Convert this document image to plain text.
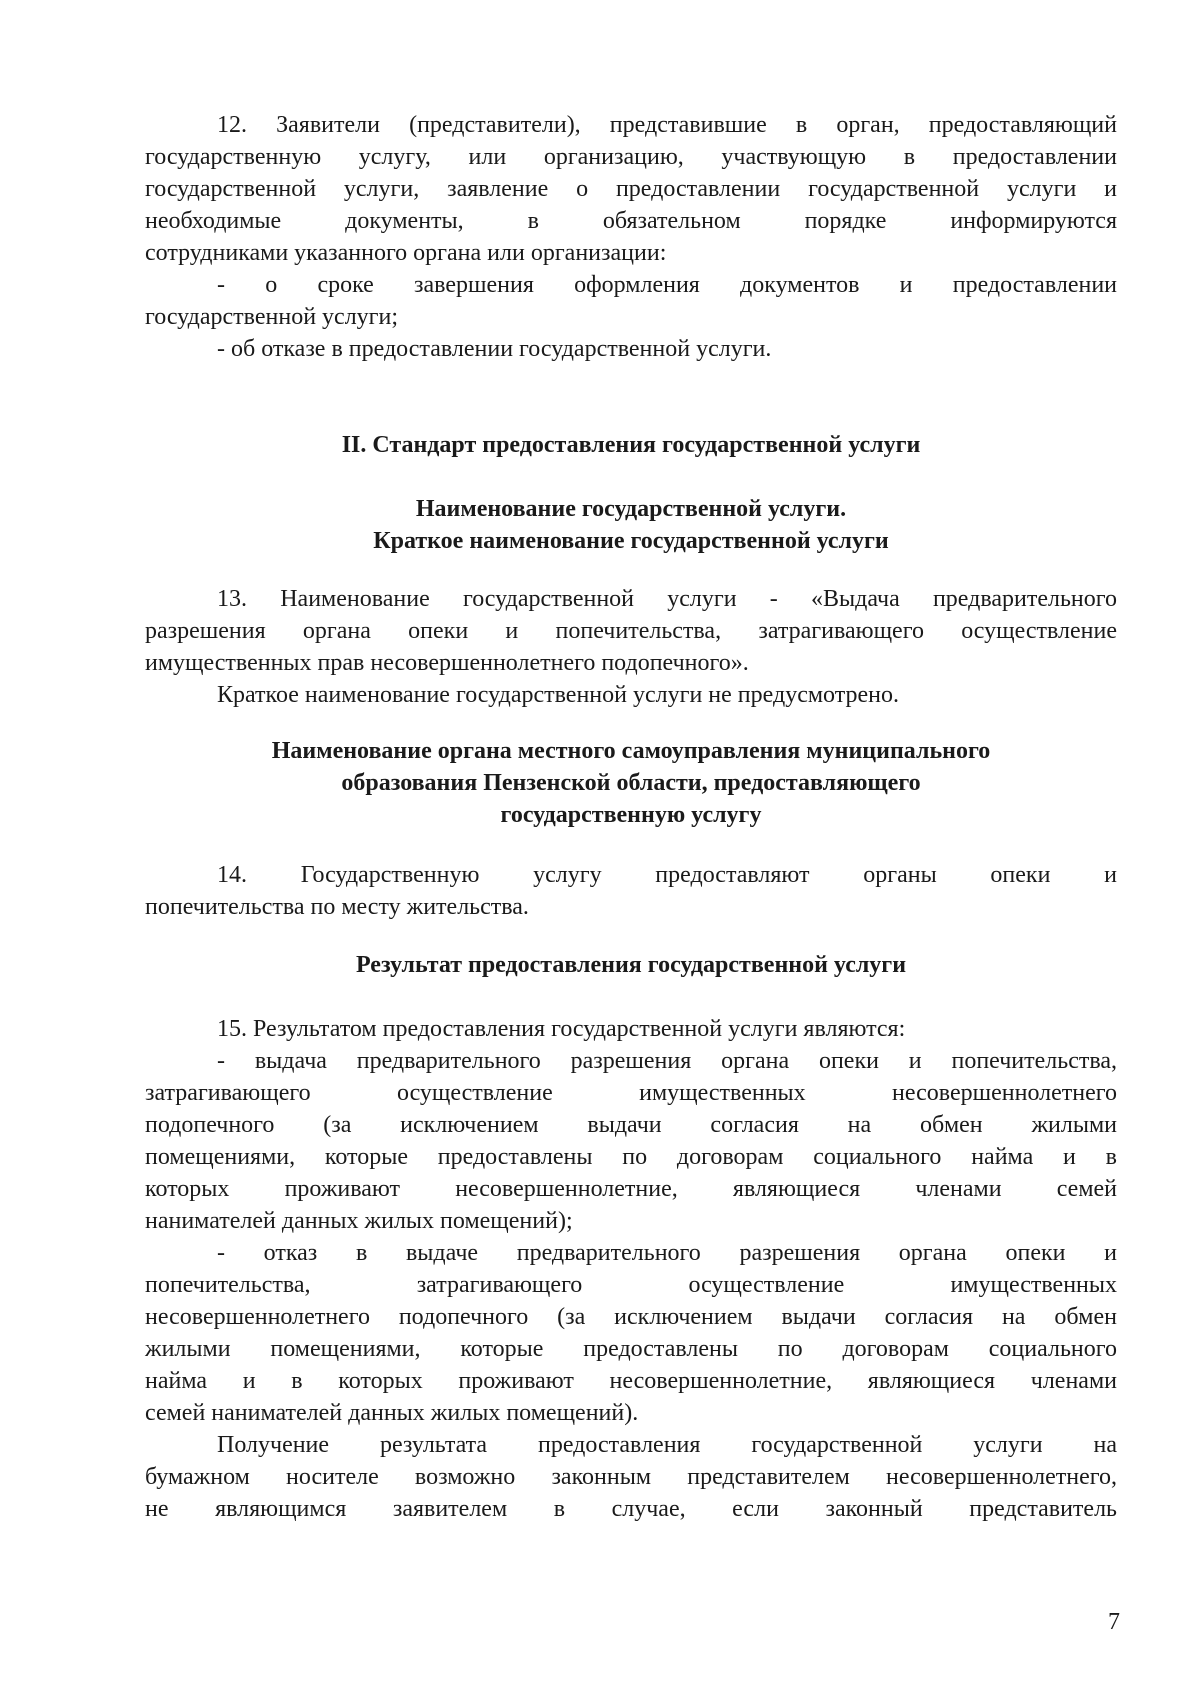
12. Заявители (представители), представившие в орган, предоставляющий
государственную услугу, или организацию, участвующую в предоставлении
государственной услуги, заявление о предоставлении государственной услуги и
необходимые документы, в обязательном порядке информируются
сотрудниками указанного органа или организации:
- о сроке завершения оформления документов и предоставлении
государственной услуги;
- об отказе в предоставлении государственной услуги.
II. Стандарт предоставления государственной услуги
Наименование государственной услуги.
Краткое наименование государственной услуги
13. Наименование государственной услуги - «Выдача предварительного
разрешения органа опеки и попечительства, затрагивающего осуществление
имущественных прав несовершеннолетнего подопечного».
Краткое наименование государственной услуги не предусмотрено.
Наименование органа местного самоуправления муниципального
образования Пензенской области, предоставляющего
государственную услугу
14. Государственную услугу предоставляют органы опеки и
попечительства по месту жительства.
Результат предоставления государственной услуги
15. Результатом предоставления государственной услуги являются:
- выдача предварительного разрешения органа опеки и попечительства,
затрагивающего осуществление имущественных несовершеннолетнего
подопечного (за исключением выдачи согласия на обмен жилыми
помещениями, которые предоставлены по договорам социального найма и в
которых проживают несовершеннолетние, являющиеся членами семей
нанимателей данных жилых помещений);
- отказ в выдаче предварительного разрешения органа опеки и
попечительства, затрагивающего осуществление имущественных
несовершеннолетнего подопечного (за исключением выдачи согласия на обмен
жилыми помещениями, которые предоставлены по договорам социального
найма и в которых проживают несовершеннолетние, являющиеся членами
семей нанимателей данных жилых помещений).
Получение результата предоставления государственной услуги на
бумажном носителе возможно законным представителем несовершеннолетнего,
не являющимся заявителем в случае, если законный представитель
7
